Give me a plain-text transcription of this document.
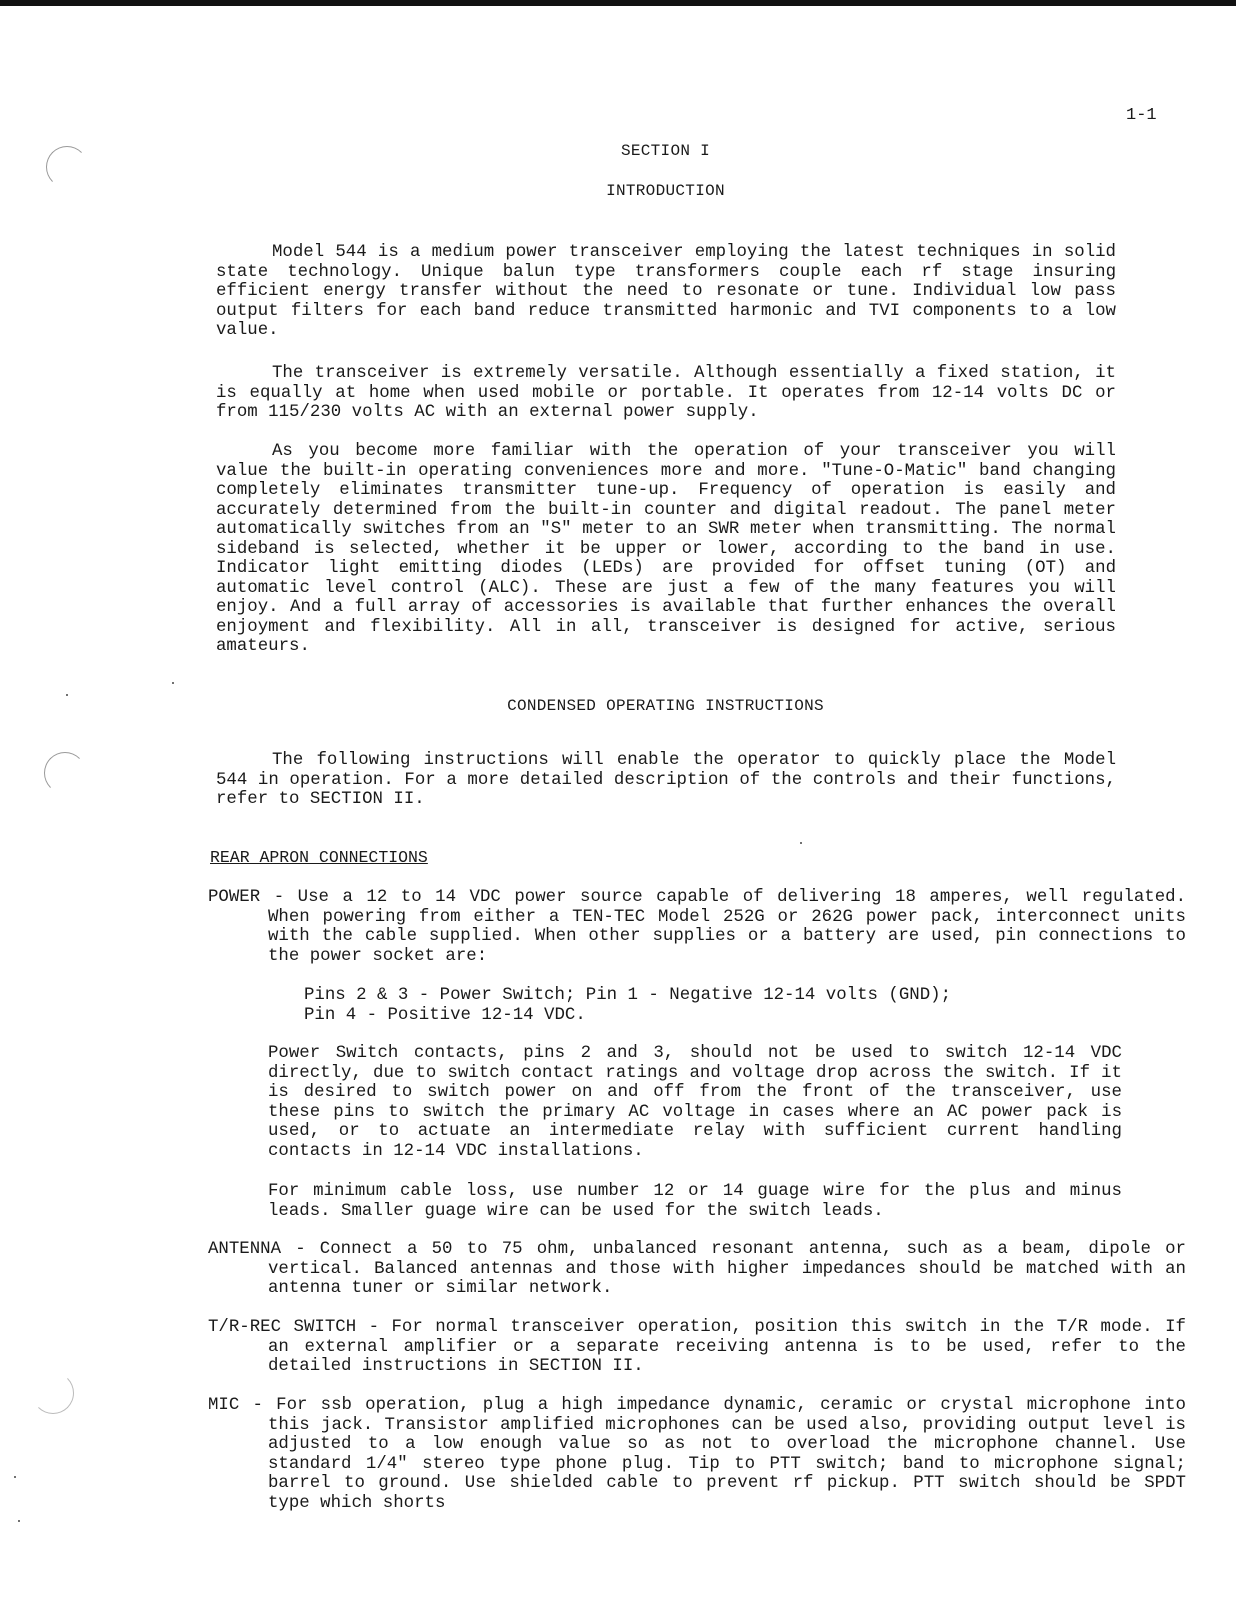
1-1
SECTION I
INTRODUCTION

Model 544 is a medium power transceiver employing the latest techniques in solid state technology. Unique balun type transformers couple each rf stage insuring efficient energy transfer without the need to resonate or tune. Individual low pass output filters for each band reduce transmitted harmonic and TVI components to a low value.

The transceiver is extremely versatile. Although essentially a fixed station, it is equally at home when used mobile or portable. It operates from 12-14 volts DC or from 115/230 volts AC with an external power supply.

As you become more familiar with the operation of your transceiver you will value the built-in operating conveniences more and more. "Tune-O-Matic" band changing completely eliminates transmitter tune-up. Frequency of operation is easily and accurately determined from the built-in counter and digital readout. The panel meter automatically switches from an "S" meter to an SWR meter when transmitting. The normal sideband is selected, whether it be upper or lower, according to the band in use. Indicator light emitting diodes (LEDs) are provided for offset tuning (OT) and automatic level control (ALC). These are just a few of the many features you will enjoy. And a full array of accessories is available that further enhances the overall enjoyment and flexibility. All in all, transceiver is designed for active, serious amateurs.

CONDENSED OPERATING INSTRUCTIONS

The following instructions will enable the operator to quickly place the Model 544 in operation. For a more detailed description of the controls and their functions, refer to SECTION II.

REAR APRON CONNECTIONS

POWER - Use a 12 to 14 VDC power source capable of delivering 18 amperes, well regulated. When powering from either a TEN-TEC Model 252G or 262G power pack, interconnect units with the cable supplied. When other supplies or a battery are used, pin connections to the power socket are:

Pins 2 & 3 - Power Switch; Pin 1 - Negative 12-14 volts (GND);
Pin 4 - Positive 12-14 VDC.

Power Switch contacts, pins 2 and 3, should not be used to switch 12-14 VDC directly, due to switch contact ratings and voltage drop across the switch. If it is desired to switch power on and off from the front of the transceiver, use these pins to switch the primary AC voltage in cases where an AC power pack is used, or to actuate an intermediate relay with sufficient current handling contacts in 12-14 VDC installations.

For minimum cable loss, use number 12 or 14 guage wire for the plus and minus leads. Smaller guage wire can be used for the switch leads.

ANTENNA - Connect a 50 to 75 ohm, unbalanced resonant antenna, such as a beam, dipole or vertical. Balanced antennas and those with higher impedances should be matched with an antenna tuner or similar network.

T/R-REC SWITCH - For normal transceiver operation, position this switch in the T/R mode. If an external amplifier or a separate receiving antenna is to be used, refer to the detailed instructions in SECTION II.

MIC - For ssb operation, plug a high impedance dynamic, ceramic or crystal microphone into this jack. Transistor amplified microphones can be used also, providing output level is adjusted to a low enough value so as not to overload the microphone channel. Use standard 1/4" stereo type phone plug. Tip to PTT switch; band to microphone signal; barrel to ground. Use shielded cable to prevent rf pickup. PTT switch should be SPDT type which shorts
